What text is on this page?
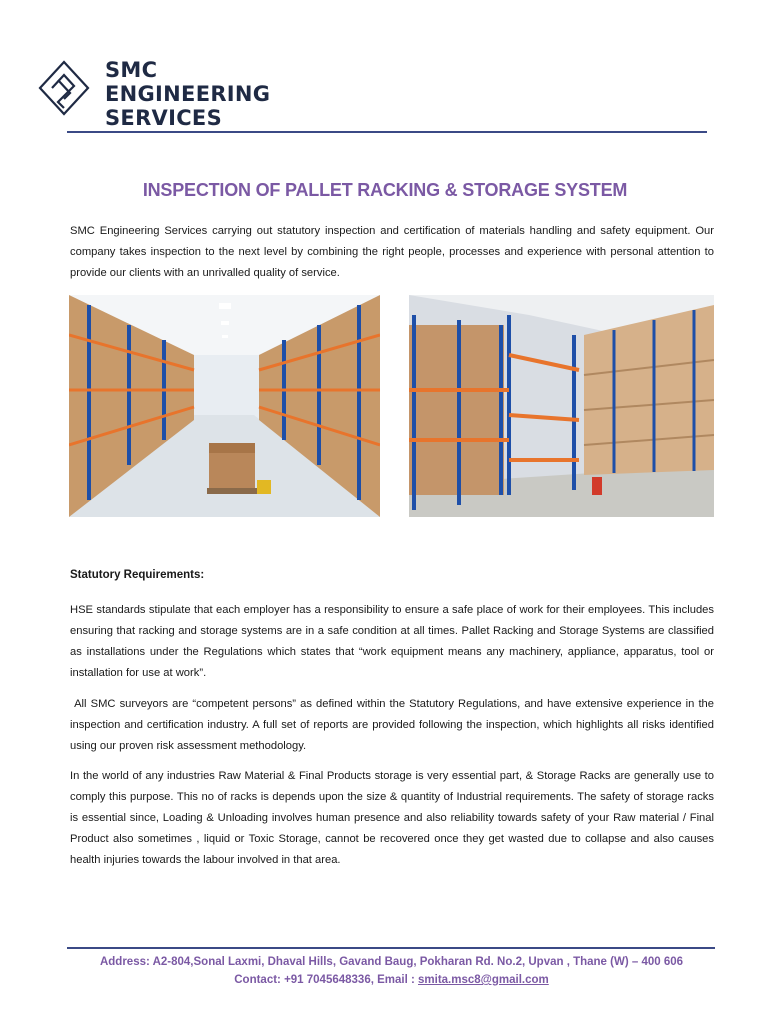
SMC
ENGINEERING
SERVICES
INSPECTION OF PALLET RACKING & STORAGE SYSTEM
SMC Engineering Services carrying out statutory inspection and certification of materials handling and safety equipment. Our company takes inspection to the next level by combining the right people, processes and experience with personal attention to provide our clients with an unrivalled quality of service.
Statutory Requirements:
HSE standards stipulate that each employer has a responsibility to ensure a safe place of work for their employees. This includes ensuring that racking and storage systems are in a safe condition at all times. Pallet Racking and Storage Systems are classified as installations under the Regulations which states that “work equipment means any machinery, appliance, apparatus, tool or installation for use at work”.
All SMC surveyors are “competent persons” as defined within the Statutory Regulations, and have extensive experience in the inspection and certification industry. A full set of reports are provided following the inspection, which highlights all risks identified using our proven risk assessment methodology.
In the world of any industries Raw Material & Final Products storage is very essential part, & Storage Racks are generally use to comply this purpose. This no of racks is depends upon the size & quantity of Industrial requirements. The safety of storage racks is essential since, Loading & Unloading involves human presence and also reliability towards safety of your Raw material / Final Product also sometimes , liquid or Toxic Storage, cannot be recovered once they get wasted due to collapse and also causes health injuries towards the labour involved in that area.
Address: A2-804,Sonal Laxmi, Dhaval Hills, Gavand Baug, Pokharan Rd. No.2, Upvan , Thane (W) – 400 606
Contact: +91 7045648336, Email : smita.msc8@gmail.com
